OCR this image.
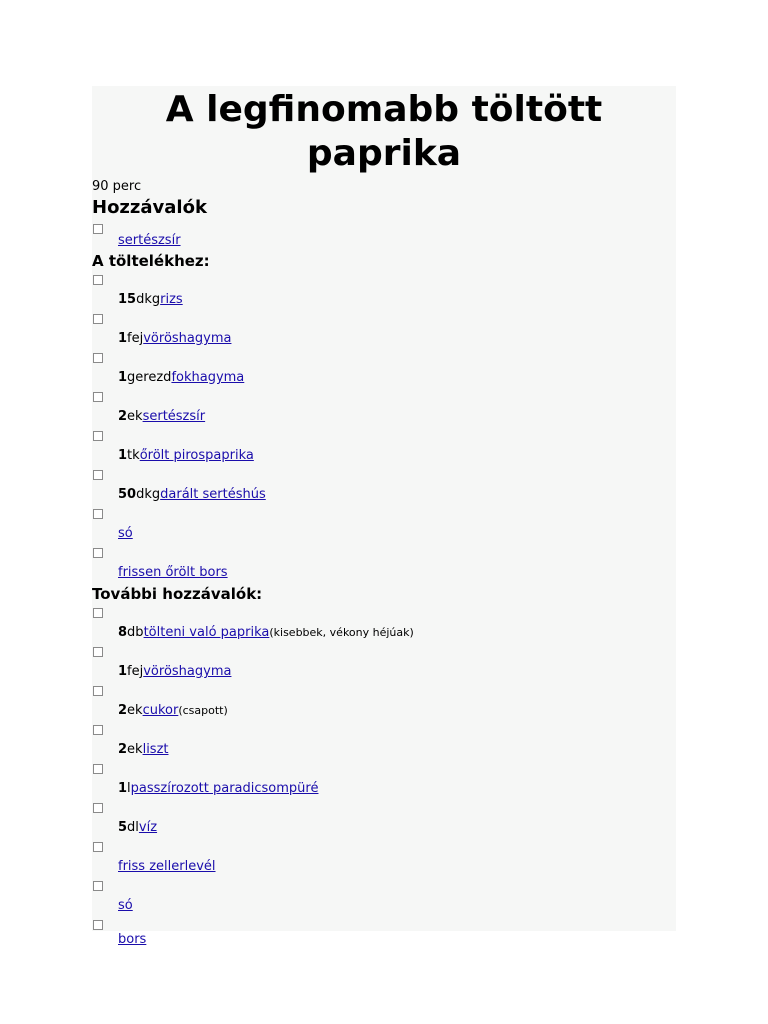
A legfinomabb töltött paprika
90 perc
Hozzávalók
sertészsír
A töltelékhez:
15dkgrizs
1fejvöröshagyma
1gerezdfokhagyma
2eksertészsír
1tkőrölt pirospaprika
50dkgdarált sertéshús
só
frissen őrölt bors
További hozzávalók:
8dbtölteni való paprika(kisebbek, vékony héjúak)
1fejvöröshagyma
2ekcukor(csapott)
2ekliszt
1lpasszírozott paradicsompüré
5dlvíz
friss zellerlevél
só
bors
